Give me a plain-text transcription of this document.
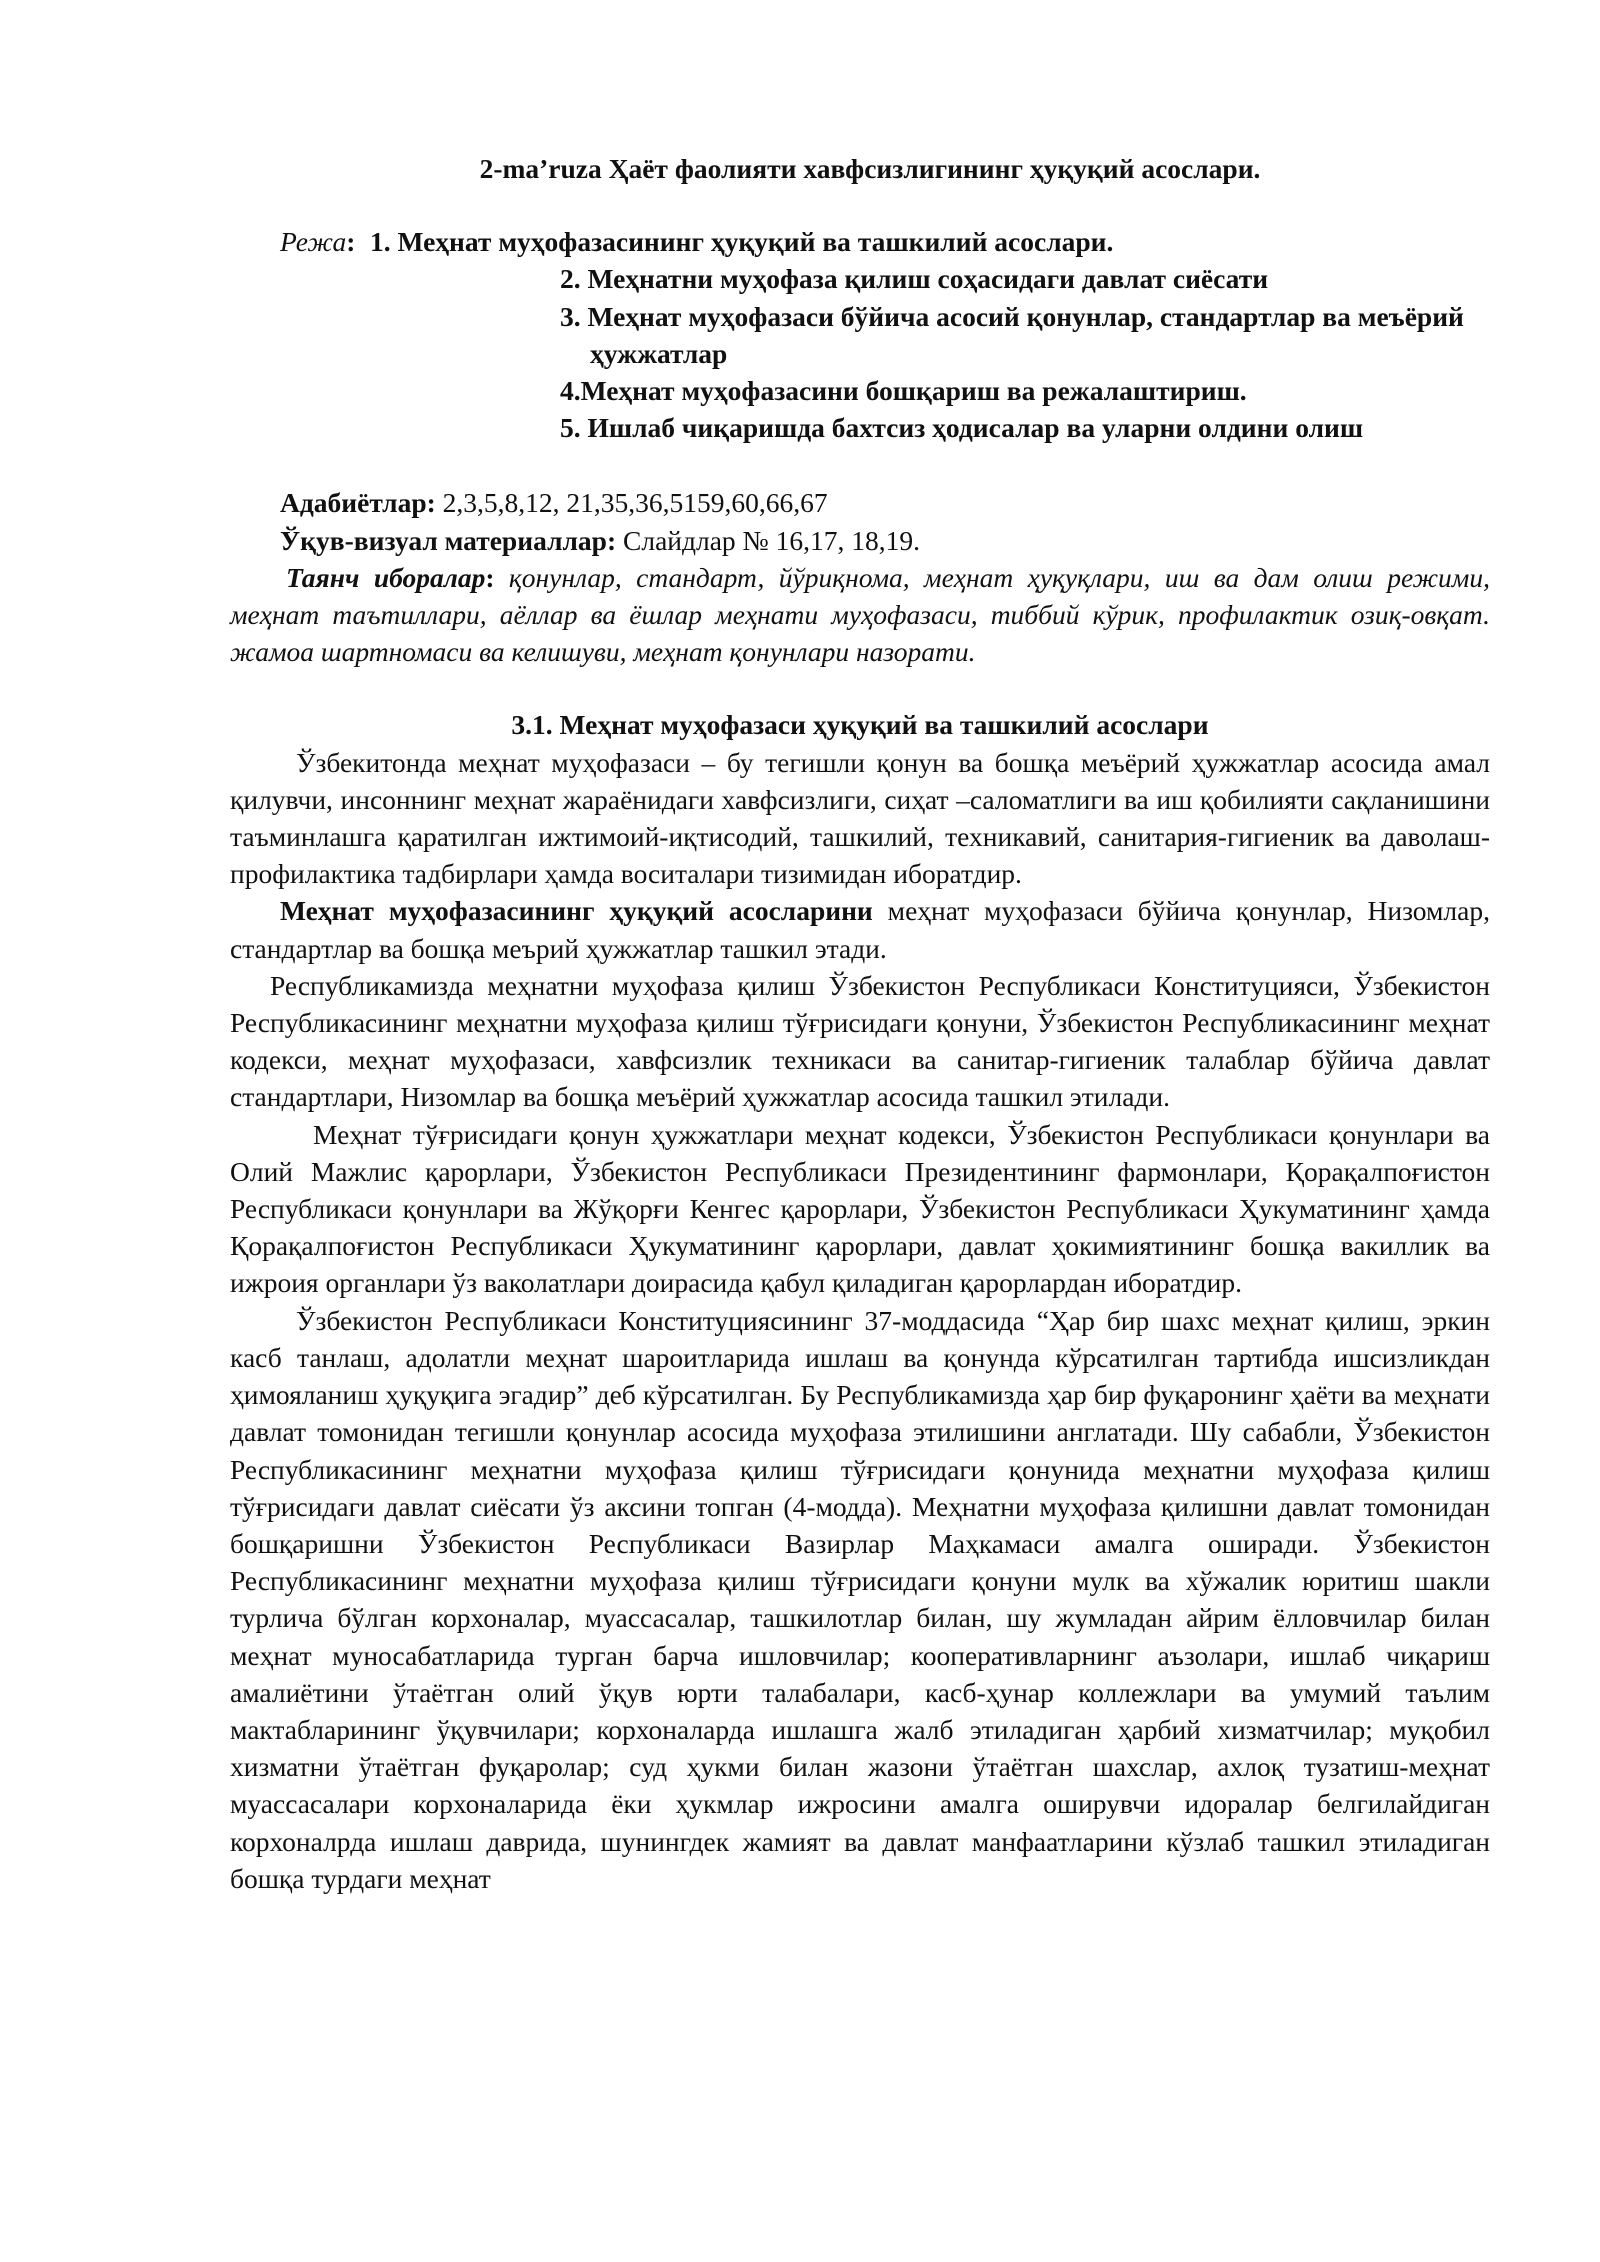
2-ma’ruza Ҳаёт фаолияти хавфсизлигининг ҳуқуқий асослари.
Режа: 1. Меҳнат муҳофазасининг ҳуқуқий ва ташкилий асослари.
2. Меҳнатни муҳофаза қилиш соҳасидаги давлат сиёсати
3. Меҳнат муҳофазаси бўйича асосий қонунлар, стандартлар ва меъёрий
ҳужжатлар
4.Меҳнат муҳофазасини бошқариш ва режалаштириш.
5. Ишлаб чиқаришда бахтсиз ҳодисалар ва уларни олдини олиш
Адабиётлар: 2,3,5,8,12, 21,35,36,5159,60,66,67
Ўқув-визуал материаллар: Слайдлар № 16,17, 18,19.
Таянч иборалар: қонунлар, стандарт, йўриқнома, меҳнат ҳуқуқлари, иш ва дам олиш режими, меҳнат таътиллари, аёллар ва ёшлар меҳнати муҳофазаси, тиббий кўрик, профилактик озиқ-овқат. жамоа шартномаси ва келишуви, меҳнат қонунлари назорати.
3.1. Меҳнат муҳофазаси ҳуқуқий ва ташкилий асослари

Ўзбекитонда меҳнат муҳофазаси – бу тегишли қонун ва бошқа меъёрий ҳужжатлар асосида амал қилувчи, инсоннинг меҳнат жараёнидаги хавфсизлиги, сиҳат –саломатлиги ва иш қобилияти сақланишини таъминлашга қаратилган ижтимоий-иқтисодий, ташкилий, техникавий, санитария-гигиеник ва даволаш-профилактика тадбирлари ҳамда воситалари тизимидан иборатдир.

Меҳнат муҳофазасининг ҳуқуқий асосларини меҳнат муҳофазаси бўйича қонунлар, Низомлар, стандартлар ва бошқа меърий ҳужжатлар ташкил этади.

Республикамизда меҳнатни муҳофаза қилиш Ўзбекистон Республикаси Конституцияси, Ўзбекистон Республикасининг меҳнатни муҳофаза қилиш тўғрисидаги қонуни, Ўзбекистон Республикасининг меҳнат кодекси, меҳнат муҳофазаси, хавфсизлик техникаси ва санитар-гигиеник талаблар бўйича давлат стандартлари, Низомлар ва бошқа меъёрий ҳужжатлар асосида ташкил этилади.

Меҳнат тўғрисидаги қонун ҳужжатлари меҳнат кодекси, Ўзбекистон Республикаси қонунлари ва Олий Мажлис қарорлари, Ўзбекистон Республикаси Президентининг фармонлари, Қорақалпоғистон Республикаси қонунлари ва Жўқорғи Кенгес қарорлари, Ўзбекистон Республикаси Ҳукуматининг ҳамда Қорақалпоғистон Республикаси Ҳукуматининг қарорлари, давлат ҳокимиятининг бошқа вакиллик ва ижроия органлари ўз ваколатлари доирасида қабул қиладиган қарорлардан иборатдир.

Ўзбекистон Республикаси Конституциясининг 37-моддасида “Ҳар бир шахс меҳнат қилиш, эркин касб танлаш, адолатли меҳнат шароитларида ишлаш ва қонунда кўрсатилган тартибда ишсизликдан ҳимояланиш ҳуқуқига эгадир” деб кўрсатилган. Бу Республикамизда ҳар бир фуқаронинг ҳаёти ва меҳнати давлат томонидан тегишли қонунлар асосида муҳофаза этилишини англатади. Шу сабабли, Ўзбекистон Республикасининг меҳнатни муҳофаза қилиш тўғрисидаги қонунида меҳнатни муҳофаза қилиш тўғрисидаги давлат сиёсати ўз аксини топган (4-модда). Меҳнатни муҳофаза қилишни давлат томонидан бошқаришни Ўзбекистон Республикаси Вазирлар Маҳкамаси амалга оширади. Ўзбекистон Республикасининг меҳнатни муҳофаза қилиш тўғрисидаги қонуни мулк ва хўжалик юритиш шакли турлича бўлган корхоналар, муассасалар, ташкилотлар билан, шу жумладан айрим ёлловчилар билан меҳнат муносабатларида турган барча ишловчилар; кооперативларнинг аъзолари, ишлаб чиқариш амалиётини ўтаётган олий ўқув юрти талабалари, касб-ҳунар коллежлари ва умумий таълим мактабларининг ўқувчилари; корхоналарда ишлашга жалб этиладиган ҳарбий хизматчилар; муқобил хизматни ўтаётган фуқаролар; суд ҳукми билан жазони ўтаётган шахслар, ахлоқ тузатиш-меҳнат муассасалари корхоналарида ёки ҳукмлар ижросини амалга оширувчи идоралар белгилайдиган корхоналрда ишлаш даврида, шунингдек жамият ва давлат манфаатларини кўзлаб ташкил этиладиган бошқа турдаги меҳнат
